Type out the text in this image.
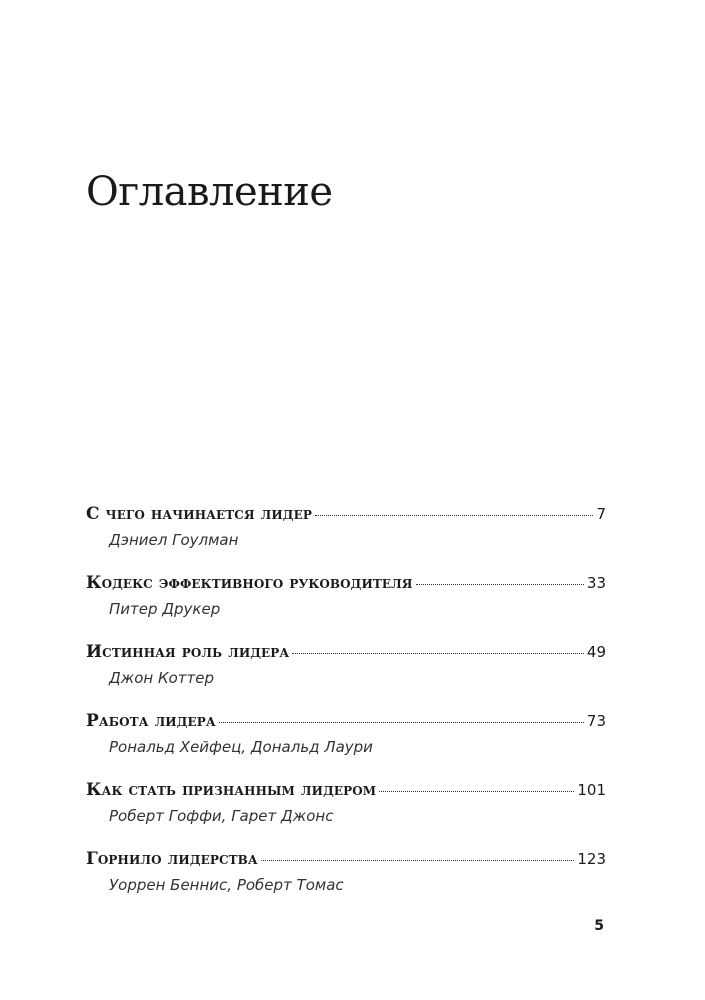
Оглавление
С чего начинается лидер	7
Дэниел Гоулман
Кодекс эффективного руководителя	33
Питер Друкер
Истинная роль лидера	49
Джон Коттер
Работа лидера	73
Рональд Хейфец, Дональд Лаури
Как стать признанным лидером	101
Роберт Гоффи, Гарет Джонс
Горнило лидерства	123
Уоррен Беннис, Роберт Томас
5
